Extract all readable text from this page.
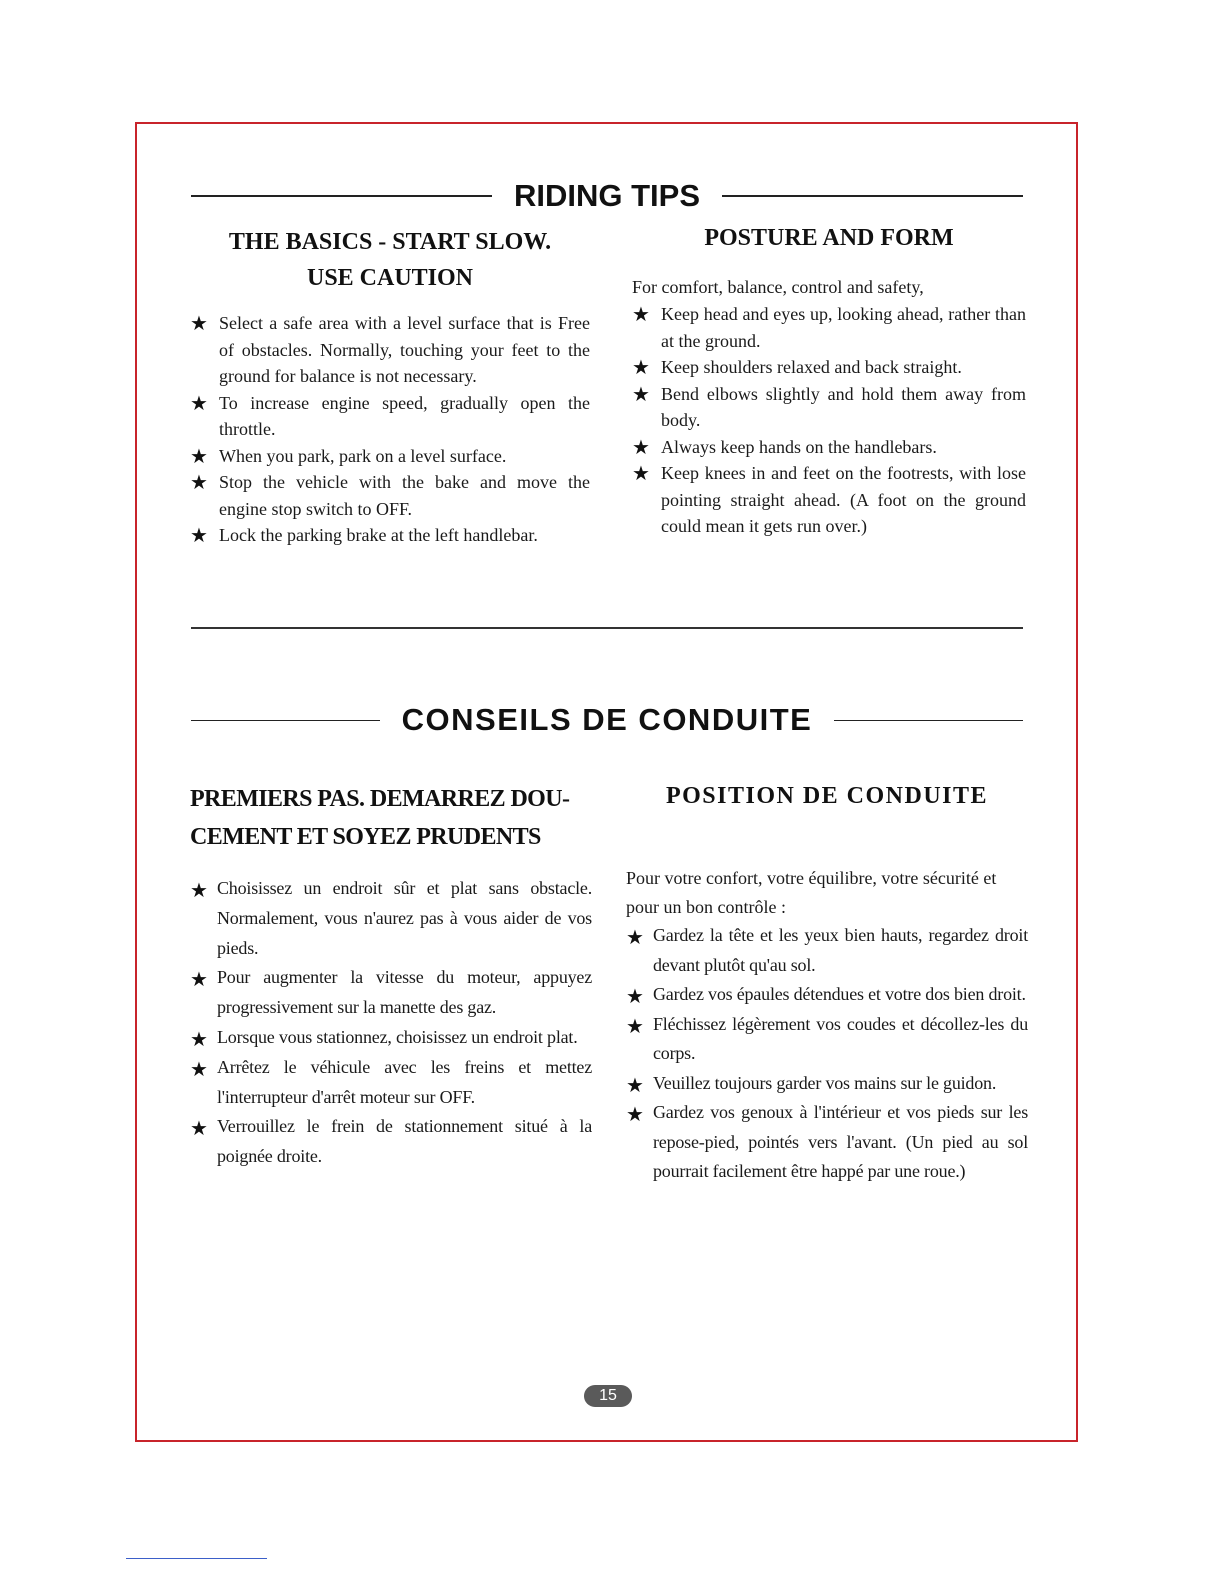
RIDING TIPS
THE BASICS - START SLOW.
USE CAUTION
★ Select a safe area with a level surface that is Free of obstacles. Normally, touching your feet to the ground for balance is not necessary.
★ To increase engine speed, gradually open the throttle.
★ When you park, park on a level surface.
★ Stop the vehicle with the bake and move the engine stop switch to OFF.
★ Lock the parking brake at the left handlebar.
POSTURE AND FORM

For comfort, balance, control and safety,

★ Keep head and eyes up, looking ahead, rather than at the ground.
★ Keep shoulders relaxed and back straight.
★ Bend elbows slightly and hold them away from body.
★ Always keep hands on the handlebars.
★ Keep knees in and feet on the footrests, with lose pointing straight ahead. (A foot on the ground could mean it gets run over.)
CONSEILS DE CONDUITE
PREMIERS PAS. DEMARREZ DOU-
CEMENT ET SOYEZ PRUDENTS
★ Choisissez un endroit sûr et plat sans obstacle. Normalement, vous n'aurez pas à vous aider de vos pieds.
★ Pour augmenter la vitesse du moteur, appuyez progressivement sur la manette des gaz.
★ Lorsque vous stationnez, choisissez un endroit plat.
★ Arrêtez le véhicule avec les freins et mettez l'interrupteur d'arrêt moteur sur OFF.
★ Verrouillez le frein de stationnement situé à la poignée droite.
POSITION DE CONDUITE

Pour votre confort, votre équilibre, votre sécurité et pour un bon contrôle :

★ Gardez la tête et les yeux bien hauts, regardez droit devant plutôt qu'au sol.
★ Gardez vos épaules détendues et votre dos bien droit.
★ Fléchissez légèrement vos coudes et décollez-les du corps.
★ Veuillez toujours garder vos mains sur le guidon.
★ Gardez vos genoux à l'intérieur et vos pieds sur les repose-pied, pointés vers l'avant. (Un pied au sol pourrait facilement être happé par une roue.)
15
